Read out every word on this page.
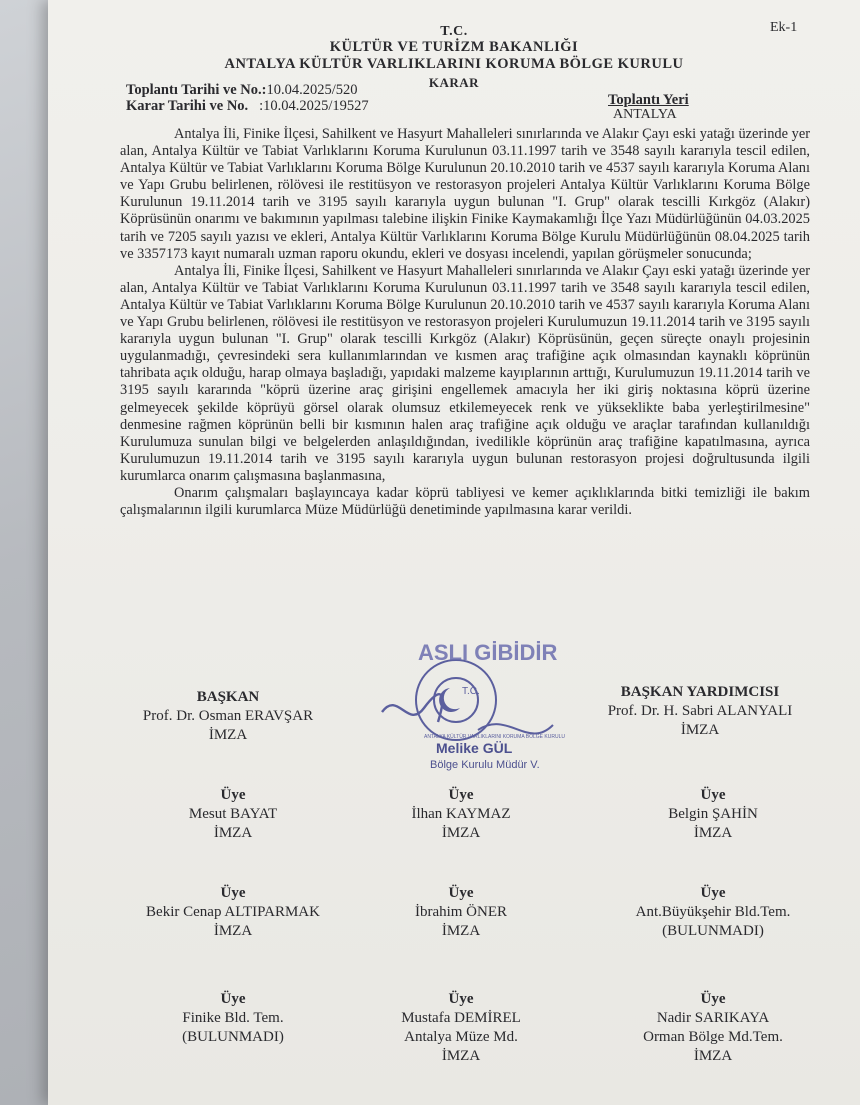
Ek-1
T.C.
KÜLTÜR VE TURİZM BAKANLIĞI
ANTALYA KÜLTÜR VARLIKLARINI KORUMA BÖLGE KURULU
KARAR
Toplantı Tarihi ve No.:10.04.2025/520
Karar Tarihi ve No. :10.04.2025/19527	Toplantı Yeri
ANTALYA

Antalya İli, Finike İlçesi, Sahilkent ve Hasyurt Mahalleleri sınırlarında ve Alakır Çayı eski yatağı üzerinde yer alan, Antalya Kültür ve Tabiat Varlıklarını Koruma Kurulunun 03.11.1997 tarih ve 3548 sayılı kararıyla tescil edilen, Antalya Kültür ve Tabiat Varlıklarını Koruma Bölge Kurulunun 20.10.2010 tarih ve 4537 sayılı kararıyla Koruma Alanı ve Yapı Grubu belirlenen, rölövesi ile restitüsyon ve restorasyon projeleri Antalya Kültür Varlıklarını Koruma Bölge Kurulunun 19.11.2014 tarih ve 3195 sayılı kararıyla uygun bulunan "I. Grup" olarak tescilli Kırkgöz (Alakır) Köprüsünün onarımı ve bakımının yapılması talebine ilişkin Finike Kaymakamlığı İlçe Yazı Müdürlüğünün 04.03.2025 tarih ve 7205 sayılı yazısı ve ekleri, Antalya Kültür Varlıklarını Koruma Bölge Kurulu Müdürlüğünün 08.04.2025 tarih ve 3357173 kayıt numaralı uzman raporu okundu, ekleri ve dosyası incelendi, yapılan görüşmeler sonucunda;

Antalya İli, Finike İlçesi, Sahilkent ve Hasyurt Mahalleleri sınırlarında ve Alakır Çayı eski yatağı üzerinde yer alan, Antalya Kültür ve Tabiat Varlıklarını Koruma Kurulunun 03.11.1997 tarih ve 3548 sayılı kararıyla tescil edilen, Antalya Kültür ve Tabiat Varlıklarını Koruma Bölge Kurulunun 20.10.2010 tarih ve 4537 sayılı kararıyla Koruma Alanı ve Yapı Grubu belirlenen, rölövesi ile restitüsyon ve restorasyon projeleri Kurulumuzun 19.11.2014 tarih ve 3195 sayılı kararıyla uygun bulunan "I. Grup" olarak tescilli Kırkgöz (Alakır) Köprüsünün, geçen süreçte onaylı projesinin uygulanmadığı, çevresindeki sera kullanımlarından ve kısmen araç trafiğine açık olmasından kaynaklı köprünün tahribata açık olduğu, harap olmaya başladığı, yapıdaki malzeme kayıplarının arttığı, Kurulumuzun 19.11.2014 tarih ve 3195 sayılı kararında "köprü üzerine araç girişini engellemek amacıyla her iki giriş noktasına köprü üzerine gelmeyecek şekilde köprüyü görsel olarak olumsuz etkilemeyecek renk ve yükseklikte baba yerleştirilmesine" denmesine rağmen köprünün belli bir kısmının halen araç trafiğine açık olduğu ve araçlar tarafından kullanıldığı Kurulumuza sunulan bilgi ve belgelerden anlaşıldığından, ivedilikle köprünün araç trafiğine kapatılmasına, ayrıca Kurulumuzun 19.11.2014 tarih ve 3195 sayılı kararıyla uygun bulunan restorasyon projesi doğrultusunda ilgili kurumlarca onarım çalışmasına başlanmasına,

Onarım çalışmaları başlayıncaya kadar köprü tabliyesi ve kemer açıklıklarında bitki temizliği ile bakım çalışmalarının ilgili kurumlarca Müze Müdürlüğü denetiminde yapılmasına karar verildi.

T.C.
ANTALYA KÜLTÜR VARLIKLARINI KORUMA BÖLGE KURULU
ASLI GİBİDİR
Melike GÜL
Bölge Kurulu Müdür V.
BAŞKAN
Prof. Dr. Osman ERAVŞAR
İMZA
BAŞKAN YARDIMCISI
Prof. Dr. H. Sabri ALANYALI
İMZA
Üye
Mesut BAYAT
İMZA
Üye
İlhan KAYMAZ
İMZA
Üye
Belgin ŞAHİN
İMZA
Üye
Bekir Cenap ALTIPARMAK
İMZA
Üye
İbrahim ÖNER
İMZA
Üye
Ant.Büyükşehir Bld.Tem.
(BULUNMADI)
Üye
Finike Bld. Tem.
(BULUNMADI)
Üye
Mustafa DEMİREL
Antalya Müze Md.
İMZA
Üye
Nadir SARIKAYA
Orman Bölge Md.Tem.
İMZA
